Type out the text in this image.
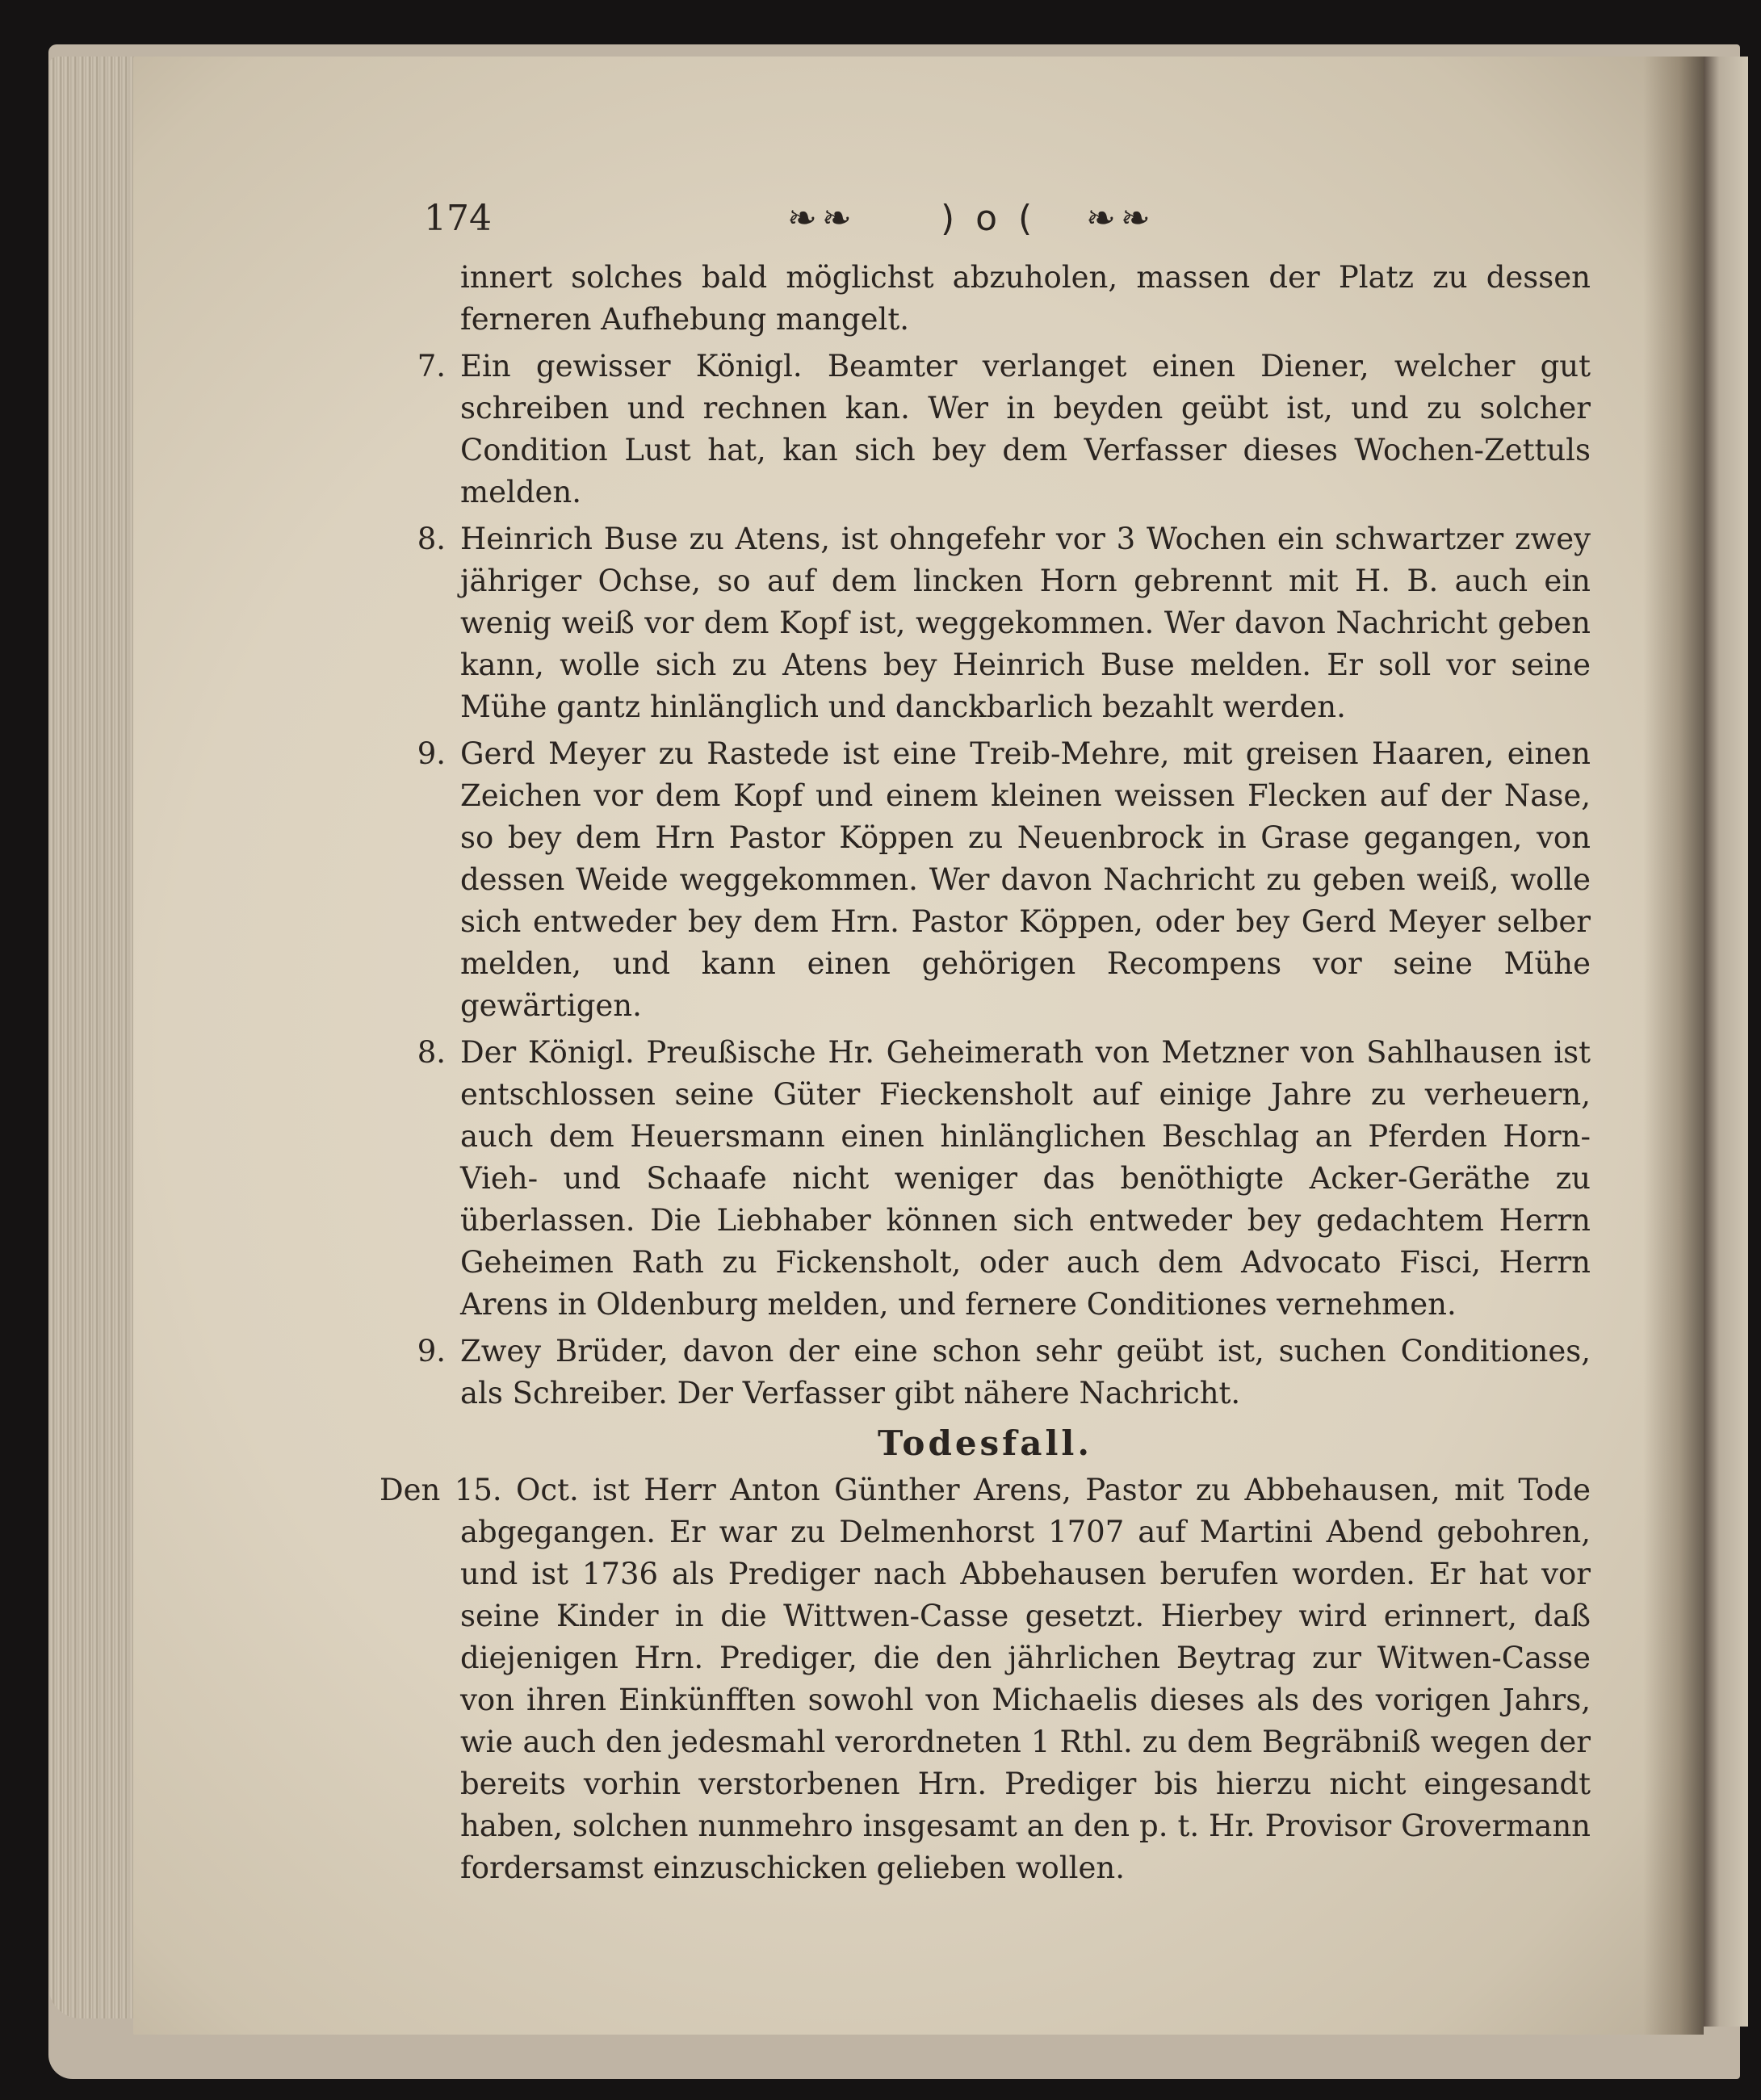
174	❧❧ ) o ( ❧❧
innert solches bald möglichst abzuholen, massen der Platz zu dessen ferneren Aufhebung mangelt.
7. Ein gewisser Königl. Beamter verlanget einen Diener, welcher gut schreiben und rechnen kan. Wer in beyden geübt ist, und zu solcher Condition Lust hat, kan sich bey dem Verfasser dieses Wochen-Zettuls melden.
8. Heinrich Buse zu Atens, ist ohngefehr vor 3 Wochen ein schwartzer zwey jähriger Ochse, so auf dem lincken Horn gebrennt mit H. B. auch ein wenig weiß vor dem Kopf ist, weggekommen. Wer davon Nachricht geben kann, wolle sich zu Atens bey Heinrich Buse melden. Er soll vor seine Mühe gantz hinlänglich und danckbarlich bezahlt werden.
9. Gerd Meyer zu Rastede ist eine Treib-Mehre, mit greisen Haaren, einen Zeichen vor dem Kopf und einem kleinen weissen Flecken auf der Nase, so bey dem Hrn Pastor Köppen zu Neuenbrock in Grase gegangen, von dessen Weide weggekommen. Wer davon Nachricht zu geben weiß, wolle sich entweder bey dem Hrn. Pastor Köppen, oder bey Gerd Meyer selber melden, und kann einen gehörigen Recompens vor seine Mühe gewärtigen.
8. Der Königl. Preußische Hr. Geheimerath von Metzner von Sahlhausen ist entschlossen seine Güter Fieckensholt auf einige Jahre zu verheuern, auch dem Heuersmann einen hinlänglichen Beschlag an Pferden Horn-Vieh- und Schaafe nicht weniger das benöthigte Acker-Geräthe zu überlassen. Die Liebhaber können sich entweder bey gedachtem Herrn Geheimen Rath zu Fickensholt, oder auch dem Advocato Fisci, Herrn Arens in Oldenburg melden, und fernere Conditiones vernehmen.
9. Zwey Brüder, davon der eine schon sehr geübt ist, suchen Conditiones, als Schreiber. Der Verfasser gibt nähere Nachricht.
Todesfall.
Den 15. Oct. ist Herr Anton Günther Arens, Pastor zu Abbehausen, mit Tode abgegangen. Er war zu Delmenhorst 1707 auf Martini Abend gebohren, und ist 1736 als Prediger nach Abbehausen berufen worden. Er hat vor seine Kinder in die Wittwen-Casse gesetzt. Hierbey wird erinnert, daß diejenigen Hrn. Prediger, die den jährlichen Beytrag zur Witwen-Casse von ihren Einkünfften sowohl von Michaelis dieses als des vorigen Jahrs, wie auch den jedesmahl verordneten 1 Rthl. zu dem Begräbniß wegen der bereits vorhin verstorbenen Hrn. Prediger bis hierzu nicht eingesandt haben, solchen nunmehro insgesamt an den p. t. Hr. Provisor Grovermann fordersamst einzuschicken gelieben wollen.
